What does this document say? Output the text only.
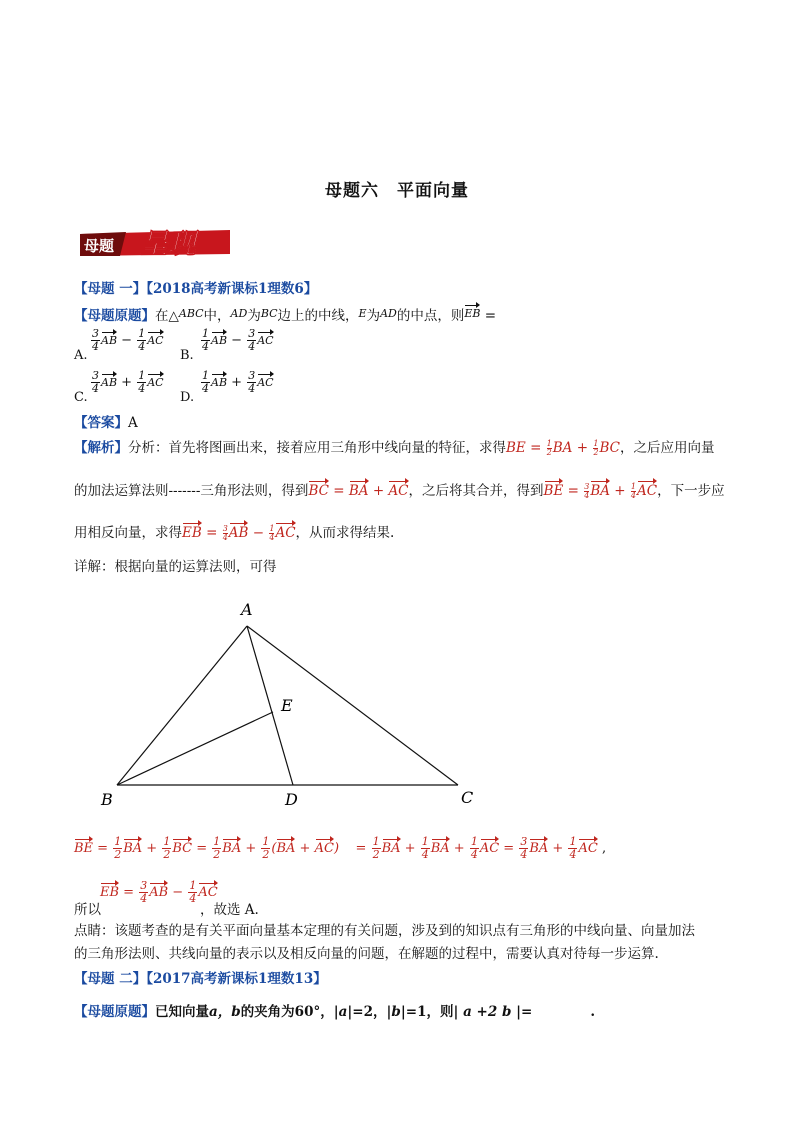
母题六　平面向量
母题 呈现
【母题 一】【2018高考新课标1理数6】
【母题原题】在△$^{ABC}$中，$^{AD}$为$^{BC}$边上的中线，$^E$为$^{AD}$的中点，则EB =
A.
$\frac{3}{4}$ AB − $\frac{1}{4}$ AC
B.
$\frac{1}{4}$ AB − $\frac{3}{4}$ AC
C.
$\frac{3}{4}$ AB + $\frac{1}{4}$ AC
D.
$\frac{1}{4}$ AB + $\frac{3}{4}$ AC
【答案】A
【解析】分析：首先将图画出来，接着应用三角形中线向量的特征，求得BE = $\frac{1}{2}BA + \frac{1}{2}BC$，之后应用向量
的加法运算法则-------三角形法则，得到BC = BA + AC，之后将其合并，得到BE = $\frac{3}{4}BA + \frac{1}{4}AC$，下一步应
用相反向量，求得EB = $\frac{3}{4}AB - \frac{1}{4}AC$，从而求得结果.
详解：根据向量的运算法则，可得
A
B	C
D
E
BE = $\frac{1}{2}$ BA + $\frac{1}{2}$ BC = $\frac{1}{2}$ BA + $\frac{1}{2} (BA + AC)$    = $\frac{1}{2}$ BA + $\frac{1}{4}$ BA + $\frac{1}{4}$ AC = $\frac{3}{4}$ BA + $\frac{1}{4}$ AC ,
所以
EB = $\frac{3}{4}$ AB − $\frac{1}{4}$ AC
，故选 A.
点睛：该题考查的是有关平面向量基本定理的有关问题，涉及到的知识点有三角形的中线向量、向量加法
的三角形法则、共线向量的表示以及相反向量的问题，在解题的过程中，需要认真对待每一步运算.
【母题 二】【2017高考新课标1理数13】
【母题原题】已知向量a，b的夹角为60°，|a|=2，|b|=1，则| a +2 b |=	.
